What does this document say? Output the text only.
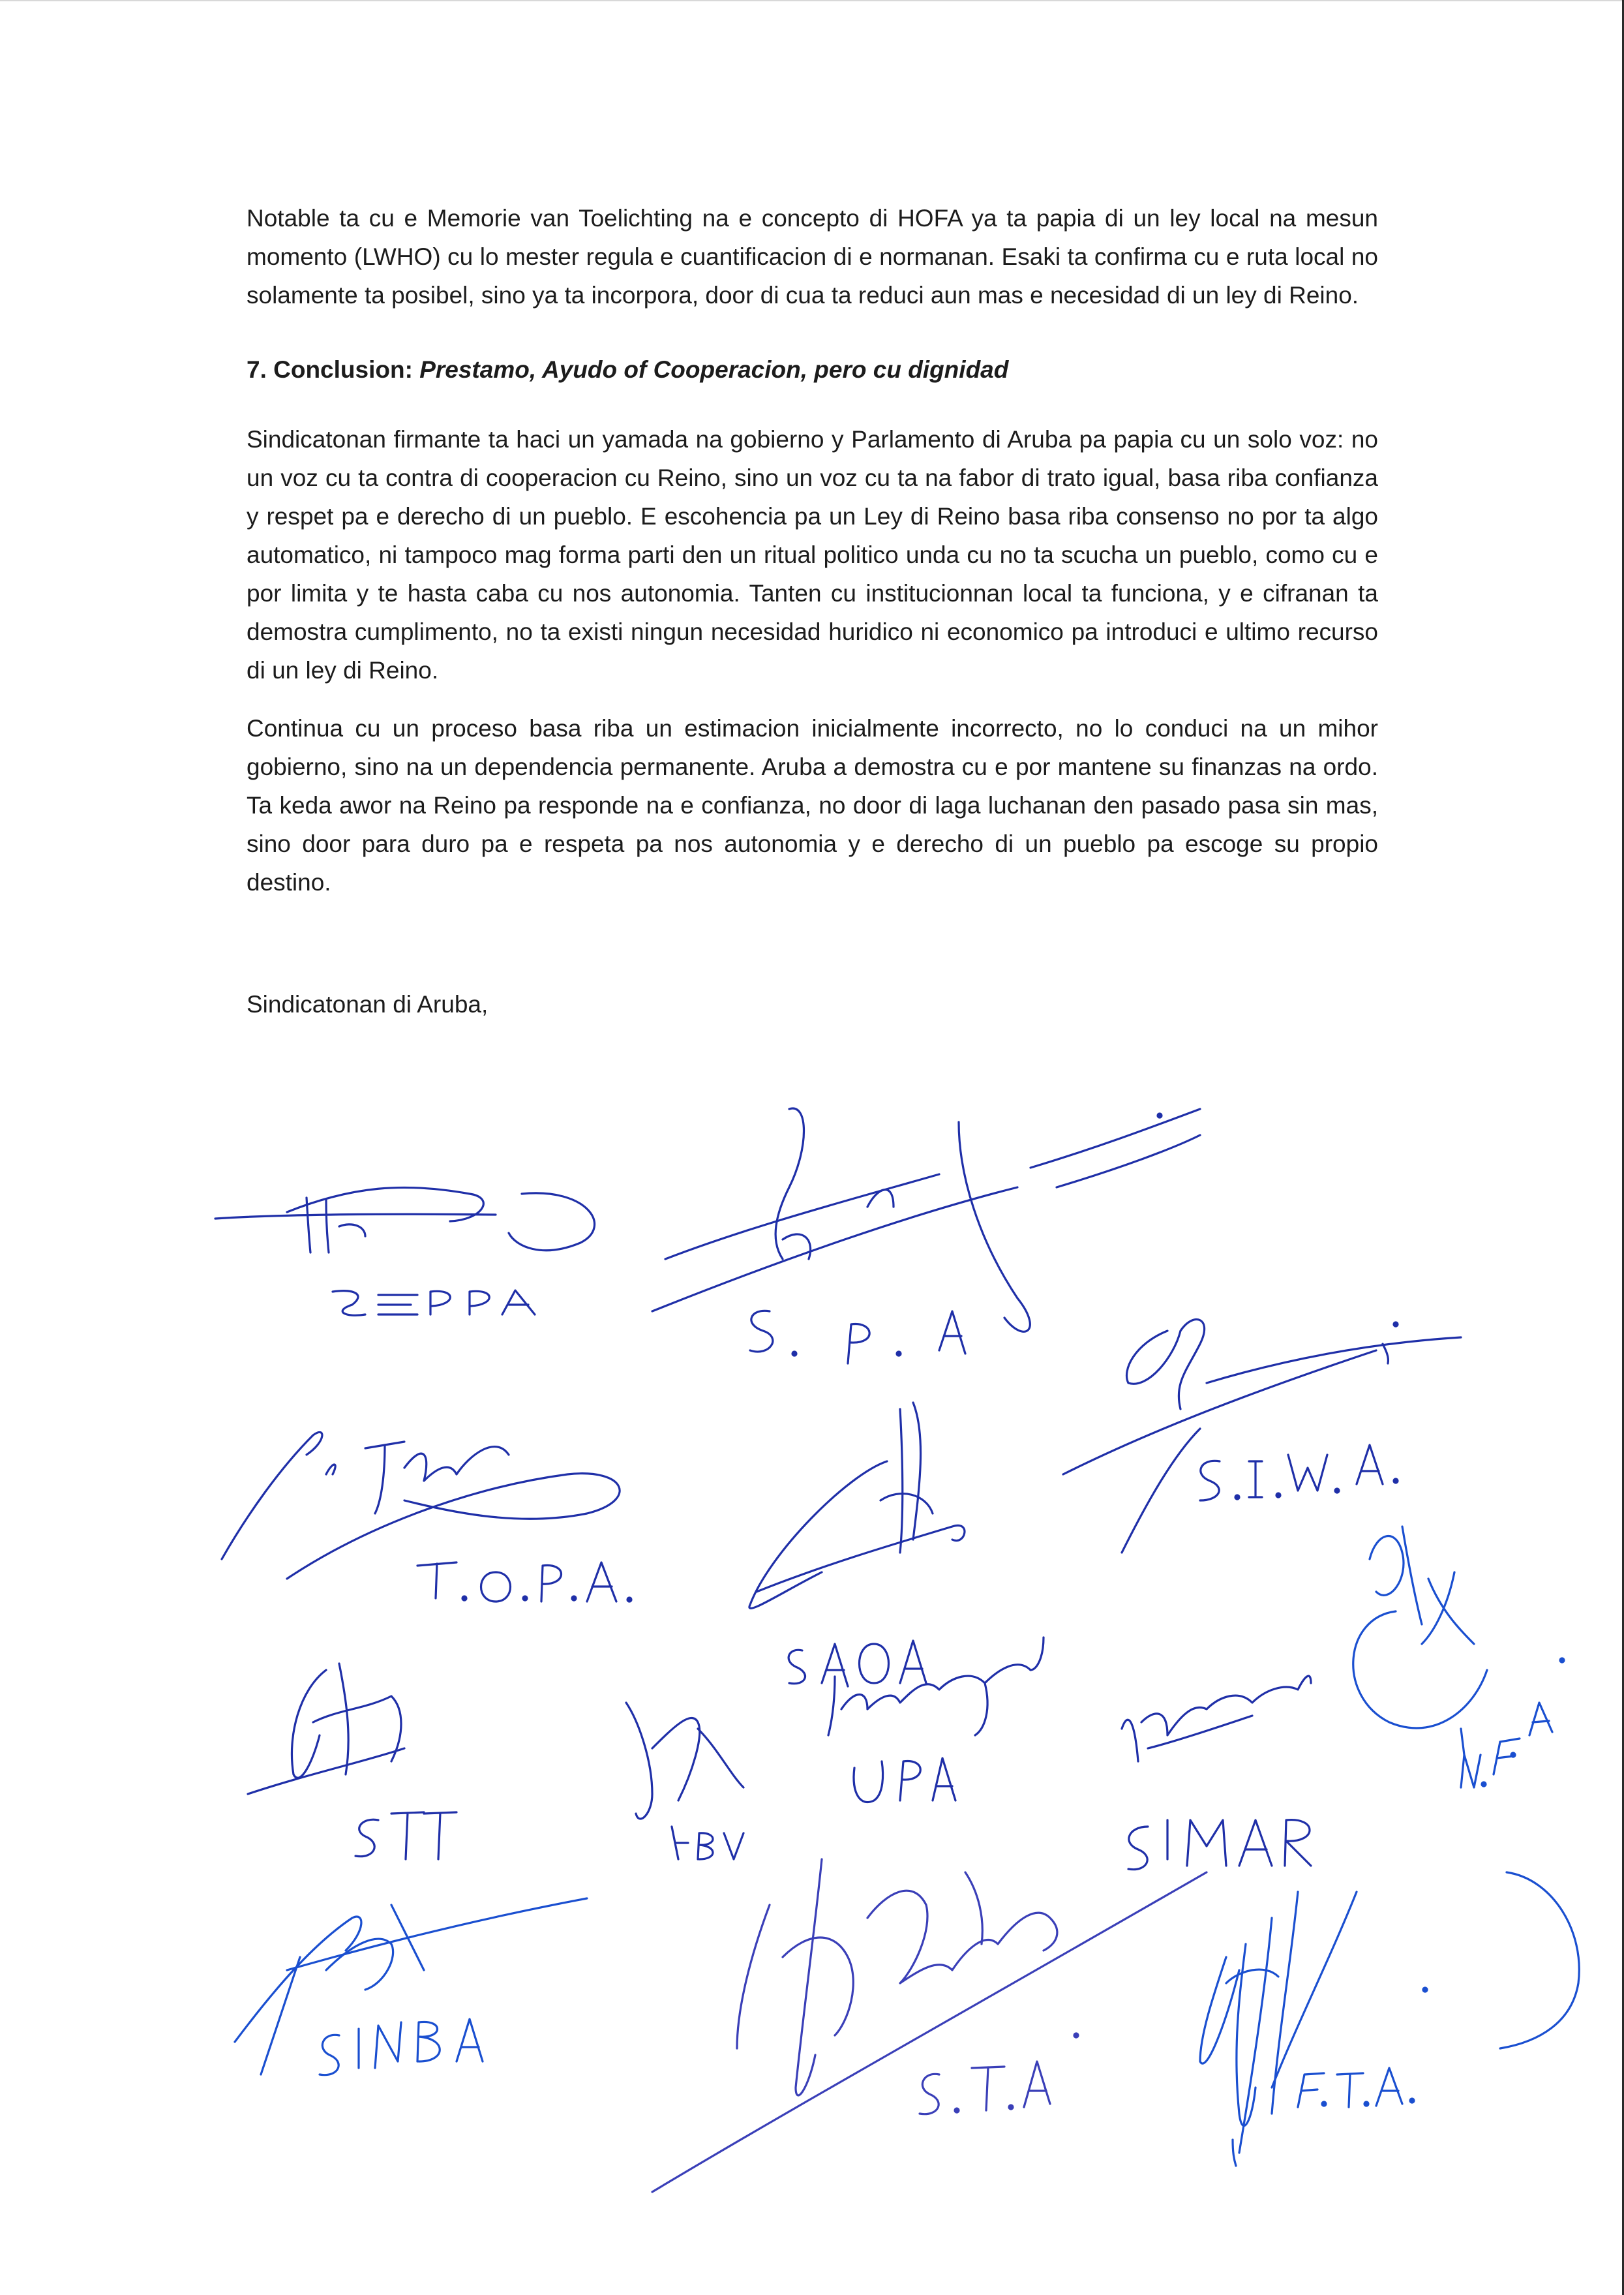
Notable ta cu e Memorie van Toelichting na e concepto di HOFA ya ta papia di un ley local na mesun momento (LWHO) cu lo mester regula e cuantificacion di e normanan. Esaki ta confirma cu e ruta local no solamente ta posibel, sino ya ta incorpora, door di cua ta reduci aun mas e necesidad di un ley di Reino.

7. Conclusion: Prestamo, Ayudo of Cooperacion, pero cu dignidad

Sindicatonan firmante ta haci un yamada na gobierno y Parlamento di Aruba pa papia cu un solo voz: no un voz cu ta contra di cooperacion cu Reino, sino un voz cu ta na fabor di trato igual, basa riba confianza y respet pa e derecho di un pueblo. E escohencia pa un Ley di Reino basa riba consenso no por ta algo automatico, ni tampoco mag forma parti den un ritual politico unda cu no ta scucha un pueblo, como cu e por limita y te hasta caba cu nos autonomia. Tanten cu institucionnan local ta funciona, y e cifranan ta demostra cumplimento, no ta existi ningun necesidad huridico ni economico pa introduci e ultimo recurso di un ley di Reino.

Continua cu un proceso basa riba un estimacion inicialmente incorrecto, no lo conduci na un mihor gobierno, sino na un dependencia permanente. Aruba a demostra cu e por mantene su finanzas na ordo. Ta keda awor na Reino pa responde na e confianza, no door di laga luchanan den pasado pasa sin mas, sino door para duro pa e respeta pa nos autonomia y e derecho di un pueblo pa escoge su propio destino.

Sindicatonan di Aruba,
